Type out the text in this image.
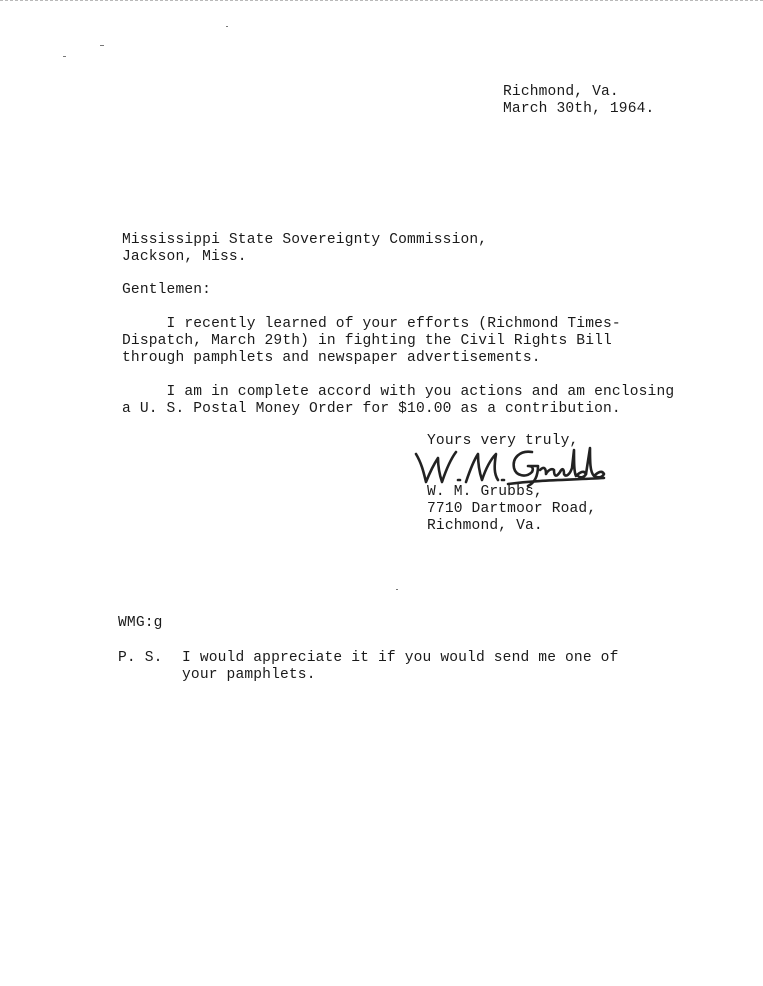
Richmond, Va.
March 30th, 1964.
Mississippi State Sovereignty Commission,
Jackson, Miss.
Gentlemen:
I recently learned of your efforts (Richmond Times-
Dispatch, March 29th) in fighting the Civil Rights Bill
through pamphlets and newspaper advertisements.
I am in complete accord with you actions and am enclosing
a U. S. Postal Money Order for $10.00 as a contribution.
Yours very truly,
W. M. Grubbs,
7710 Dartmoor Road,
Richmond, Va.
WMG:g
P. S. I would appreciate it if you would send me one of
your pamphlets.
